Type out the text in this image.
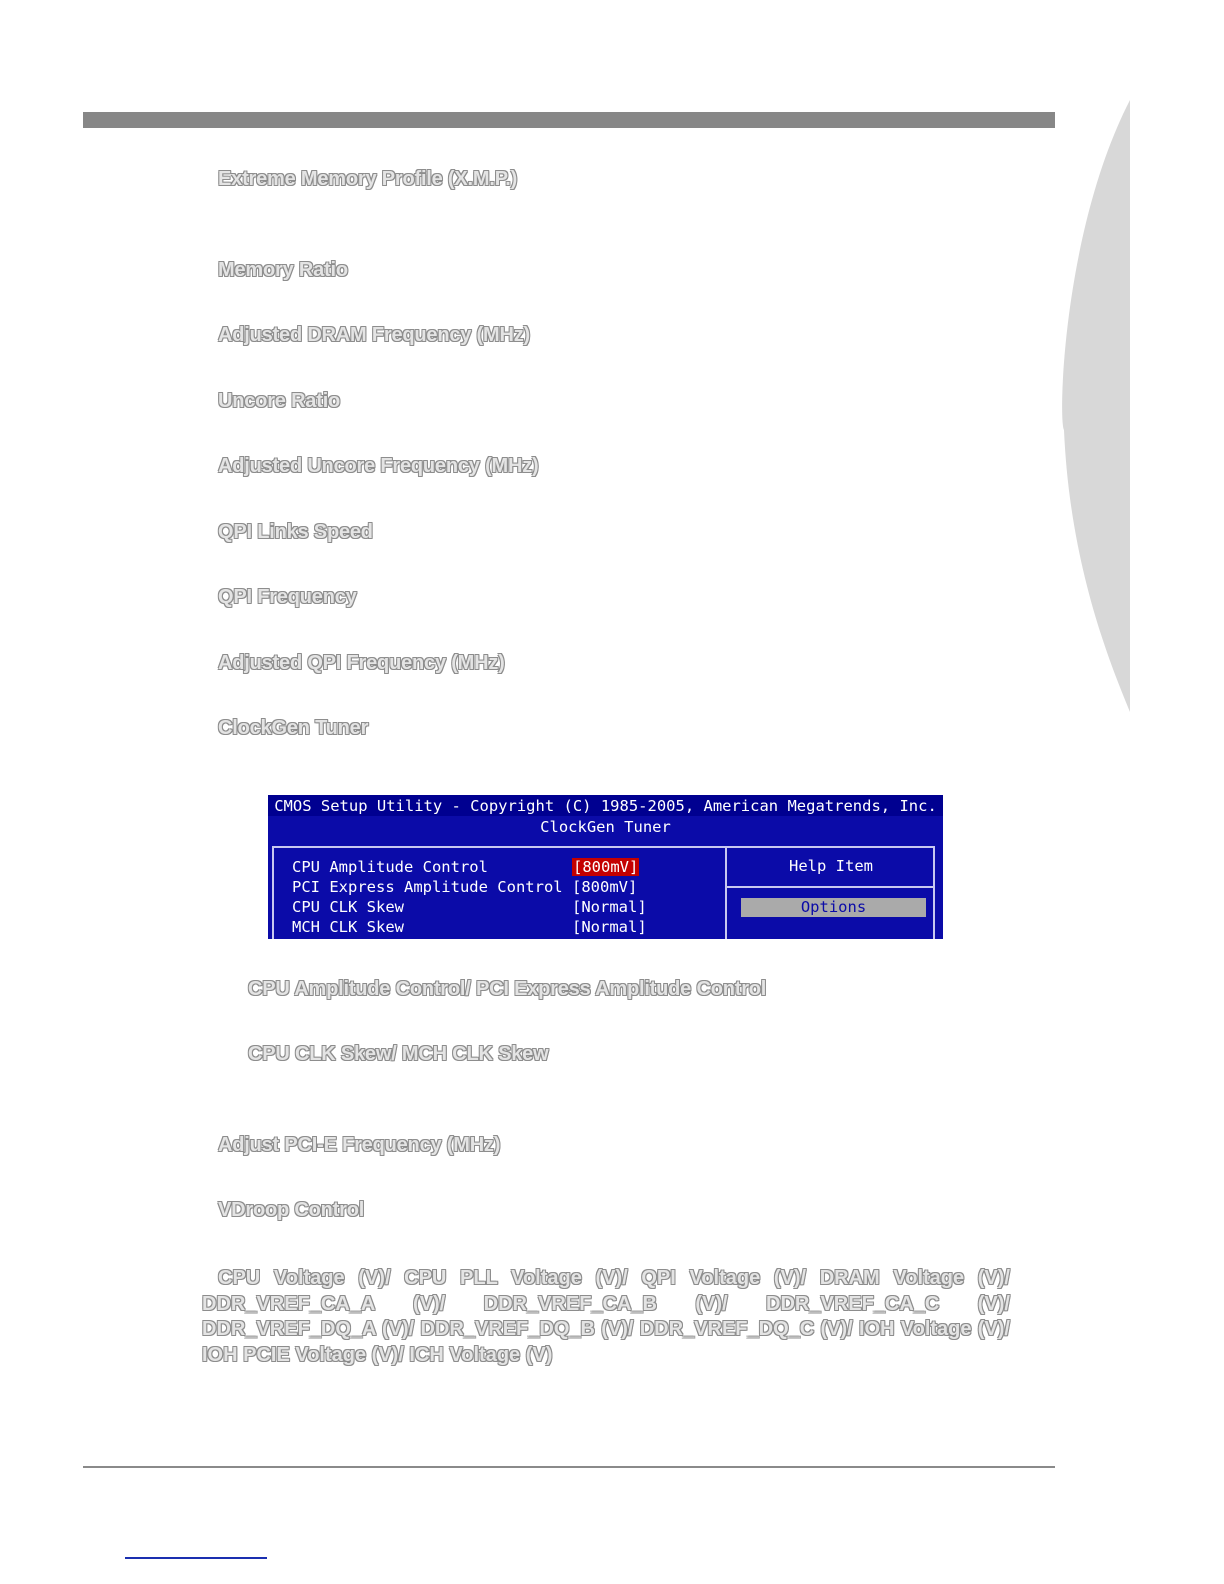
Extreme Memory Profile (X.M.P.)
Memory Ratio
Adjusted DRAM Frequency (MHz)
Uncore Ratio
Adjusted Uncore Frequency (MHz)
QPI Links Speed
QPI Frequency
Adjusted QPI Frequency (MHz)
ClockGen Tuner
CMOS Setup Utility - Copyright (C) 1985-2005, American Megatrends, Inc.
ClockGen Tuner
CPU Amplitude Control	[800mV]
PCI Express Amplitude Control [800mV]
CPU CLK Skew	[Normal]
MCH CLK Skew	[Normal]
Help Item
Options
CPU Amplitude Control/ PCI Express Amplitude Control
CPU CLK Skew/ MCH CLK Skew
Adjust PCI-E Frequency (MHz)
VDroop Control
CPU Voltage (V)/ CPU PLL Voltage (V)/ QPI Voltage (V)/ DRAM Voltage (V)/ DDR_VREF_CA_A (V)/ DDR_VREF_CA_B (V)/ DDR_VREF_CA_C (V)/ DDR_VREF_DQ_A (V)/ DDR_VREF_DQ_B (V)/ DDR_VREF_DQ_C (V)/ IOH Voltage (V)/ IOH PCIE Voltage (V)/ ICH Voltage (V)
